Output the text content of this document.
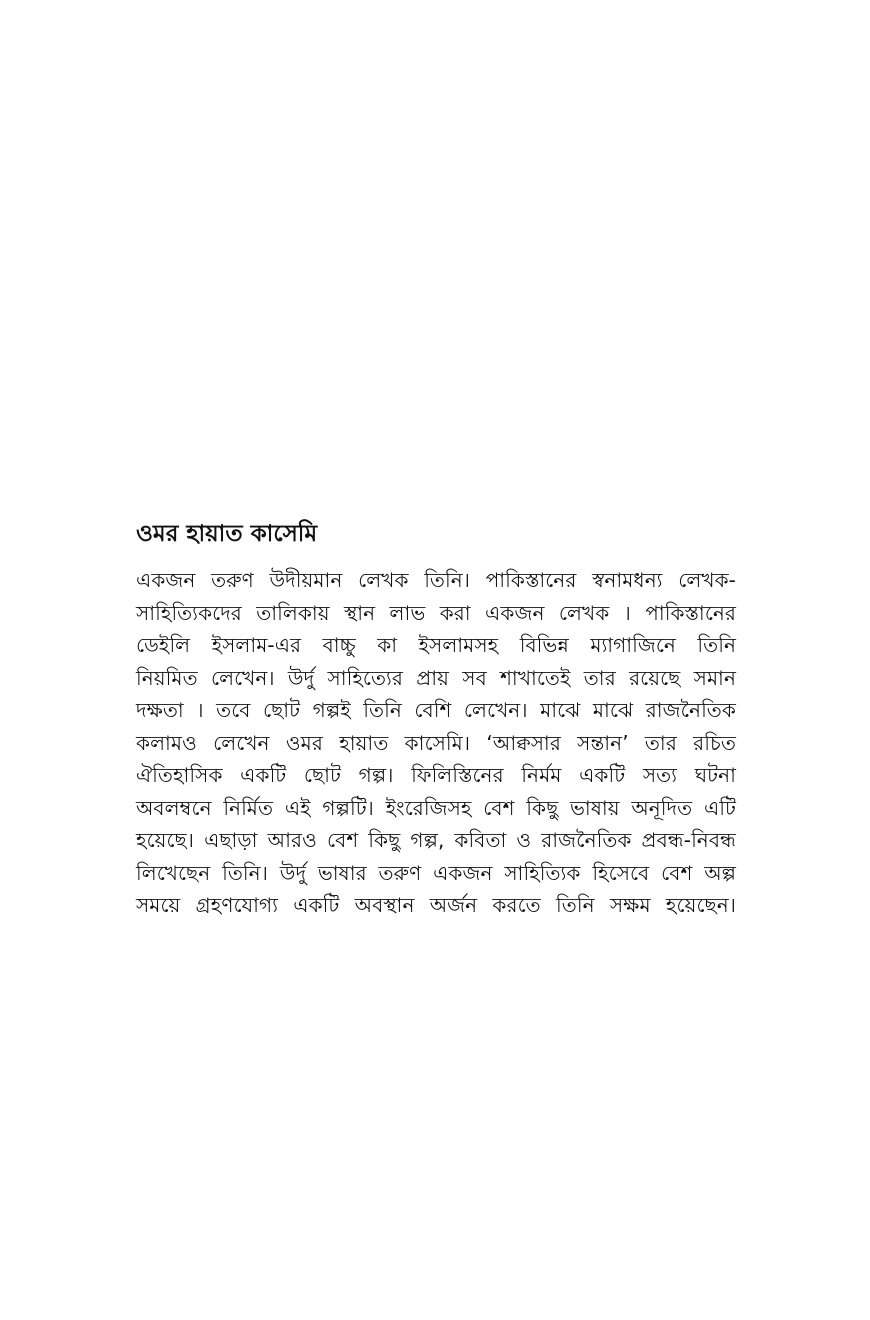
ওমর হায়াত কাসেমি
একজন তরুণ উদীয়মান লেখক তিনি। পাকিস্তানের স্বনামধন্য লেখক-
সাহিত্যিকদের তালিকায় স্থান লাভ করা একজন লেখক । পাকিস্তানের
ডেইলি ইসলাম-এর বাচ্চু কা ইসলামসহ বিভিন্ন ম্যাগাজিনে তিনি
নিয়মিত লেখেন। উর্দু সাহিত্যের প্রায় সব শাখাতেই তার রয়েছে সমান
দক্ষতা । তবে ছোট গল্পই তিনি বেশি লেখেন। মাঝে মাঝে রাজনৈতিক
কলামও লেখেন ওমর হায়াত কাসেমি। ‘আক্বসার সন্তান’ তার রচিত
ঐতিহাসিক একটি ছোট গল্প। ফিলিস্তিনের নির্মম একটি সত্য ঘটনা
অবলম্বনে নির্মিত এই গল্পটি। ইংরেজিসহ বেশ কিছু ভাষায় অনূদিত এটি
হয়েছে। এছাড়া আরও বেশ কিছু গল্প, কবিতা ও রাজনৈতিক প্রবন্ধ-নিবন্ধ
লিখেছেন তিনি। উর্দু ভাষার তরুণ একজন সাহিত্যিক হিসেবে বেশ অল্প
সময়ে গ্রহণযোগ্য একটি অবস্থান অর্জন করতে তিনি সক্ষম হয়েছেন।
